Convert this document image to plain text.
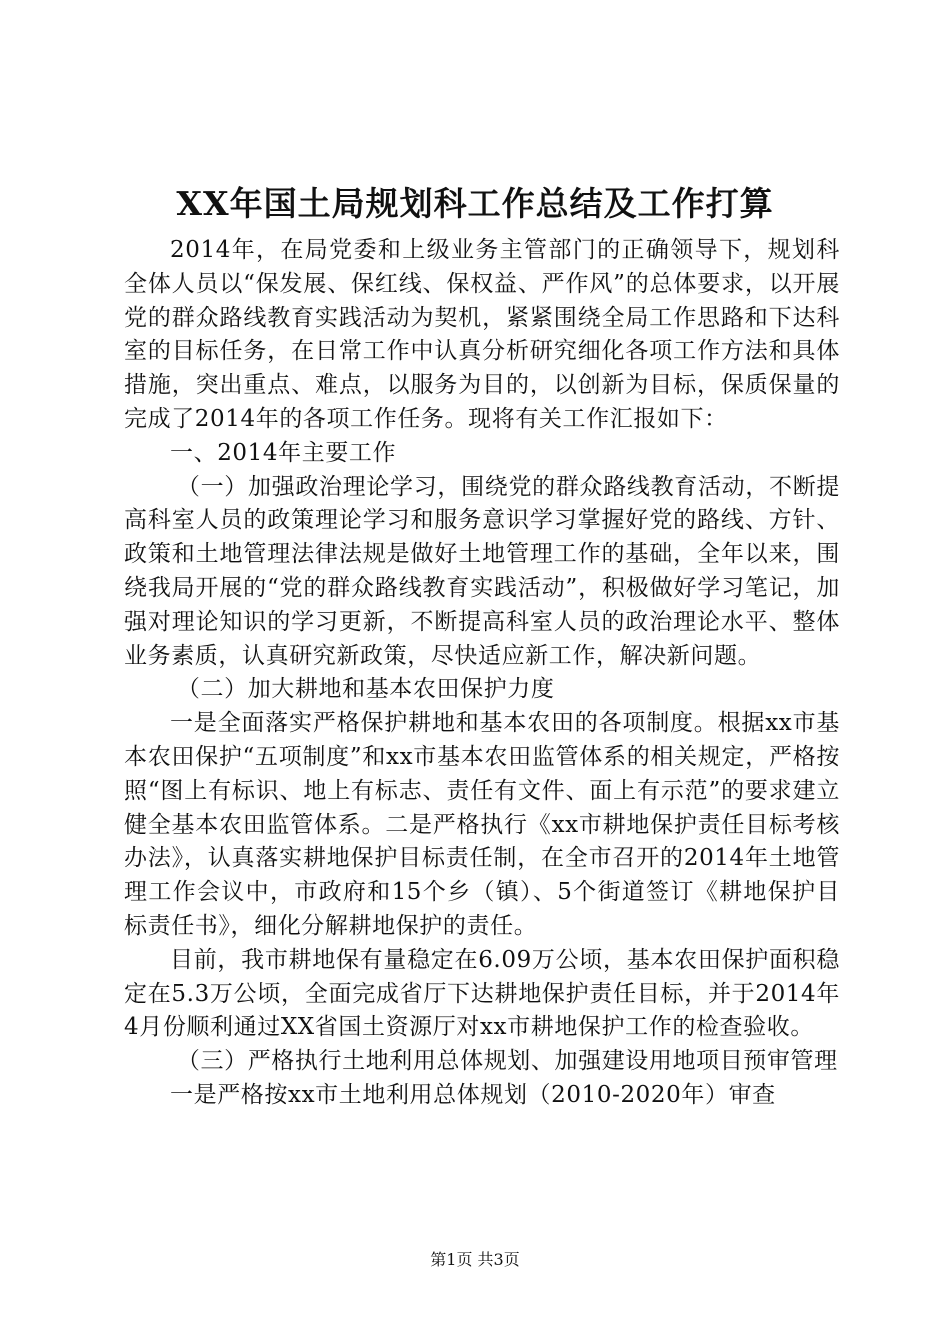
XX年国土局规划科工作总结及工作打算

2014年，在局党委和上级业务主管部门的正确领导下，规划科全体人员以“保发展、保红线、保权益、严作风”的总体要求，以开展党的群众路线教育实践活动为契机，紧紧围绕全局工作思路和下达科室的目标任务，在日常工作中认真分析研究细化各项工作方法和具体措施，突出重点、难点，以服务为目的，以创新为目标，保质保量的完成了2014年的各项工作任务。现将有关工作汇报如下：

一、2014年主要工作

（一）加强政治理论学习，围绕党的群众路线教育活动，不断提高科室人员的政策理论学习和服务意识学习掌握好党的路线、方针、政策和土地管理法律法规是做好土地管理工作的基础，全年以来，围绕我局开展的“党的群众路线教育实践活动”，积极做好学习笔记，加强对理论知识的学习更新，不断提高科室人员的政治理论水平、整体业务素质，认真研究新政策，尽快适应新工作，解决新问题。

（二）加大耕地和基本农田保护力度

一是全面落实严格保护耕地和基本农田的各项制度。根据xx市基本农田保护“五项制度”和xx市基本农田监管体系的相关规定，严格按照“图上有标识、地上有标志、责任有文件、面上有示范”的要求建立健全基本农田监管体系。二是严格执行《xx市耕地保护责任目标考核办法》，认真落实耕地保护目标责任制，在全市召开的2014年土地管理工作会议中，市政府和15个乡（镇）、5个街道签订《耕地保护目标责任书》，细化分解耕地保护的责任。

目前，我市耕地保有量稳定在6.09万公顷，基本农田保护面积稳定在5.3万公顷，全面完成省厅下达耕地保护责任目标，并于2014年4月份顺利通过XX省国土资源厅对xx市耕地保护工作的检查验收。

（三）严格执行土地利用总体规划、加强建设用地项目预审管理

一是严格按xx市土地利用总体规划（2010-2020年）审查

第1页 共3页
